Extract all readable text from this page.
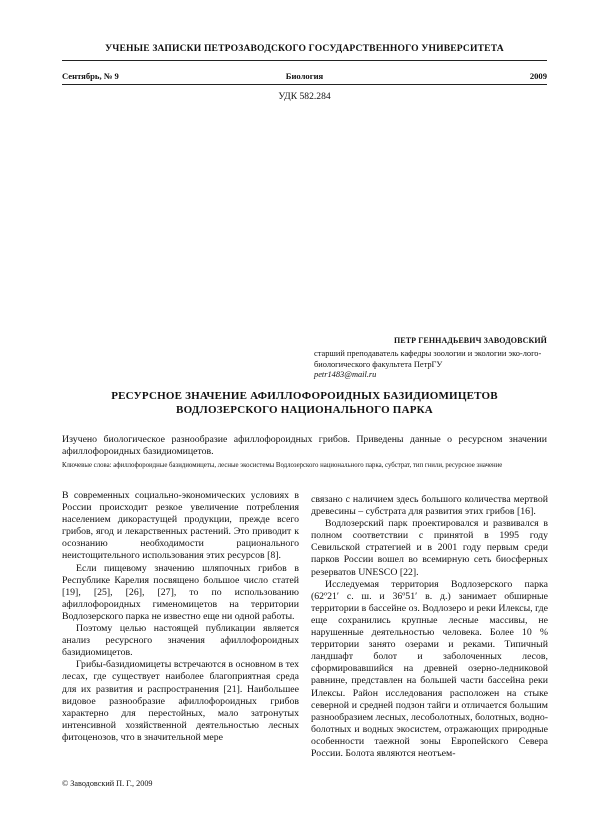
УЧЕНЫЕ ЗАПИСКИ ПЕТРОЗАВОДСКОГО ГОСУДАРСТВЕННОГО УНИВЕРСИТЕТА
Сентябрь, № 9	Биология	2009
УДК 582.284
ПЕТР ГЕННАДЬЕВИЧ ЗАВОДОВСКИЙ
старший преподаватель кафедры зоологии и экологии эко-лого-биологического факультета ПетрГУ
petr1483@mail.ru
РЕСУРСНОЕ ЗНАЧЕНИЕ АФИЛЛОФОРОИДНЫХ БАЗИДИОМИЦЕТОВ
ВОДЛОЗЕРСКОГО НАЦИОНАЛЬНОГО ПАРКА
Изучено биологическое разнообразие афиллофороидных грибов. Приведены данные о ресурсном значении афиллофороидных базидиомицетов.
Ключевые слова: афиллофороидные базидиомицеты, лесные экосистемы Водлозерского национального парка, субстрат, тип гнили, ресурсное значение

В современных социально-экономических условиях в России происходит резкое увеличение потребления населением дикорастущей продукции, прежде всего грибов, ягод и лекарственных растений. Это приводит к осознанию необходимости рационального неистощительного использования этих ресурсов [8].

Если пищевому значению шляпочных грибов в Республике Карелия посвящено большое число статей [19], [25], [26], [27], то по использованию афиллофороидных гименомицетов на территории Водлозерского парка не известно еще ни одной работы.

Поэтому целью настоящей публикации является анализ ресурсного значения афиллофороидных базидиомицетов.

Грибы-базидиомицеты встречаются в основном в тех лесах, где существует наиболее благоприятная среда для их развития и распространения [21]. Наибольшее видовое разнообразие афиллофороидных грибов характерно для перестойных, мало затронутых интенсивной хозяйственной деятельностью лесных фитоценозов, что в значительной мере

связано с наличием здесь большого количества мертвой древесины – субстрата для развития этих грибов [16].

Водлозерский парк проектировался и развивался в полном соответствии с принятой в 1995 году Севильской стратегией и в 2001 году первым среди парков России вошел во всемирную сеть биосферных резерватов UNESCO [22].

Исследуемая территория Водлозерского парка (62º21′ с. ш. и 36º51′ в. д.) занимает обширные территории в бассейне оз. Водлозеро и реки Илексы, где еще сохранились крупные лесные массивы, не нарушенные деятельностью человека. Более 10 % территории занято озерами и реками. Типичный ландшафт болот и заболоченных лесов, сформировавшийся на древней озерно-ледниковой равнине, представлен на большей части бассейна реки Илексы. Район исследования расположен на стыке северной и средней подзон тайги и отличается большим разнообразием лесных, лесоболотных, болотных, водно-болотных и водных экосистем, отражающих природные особенности таежной зоны Европейского Севера России. Болота являются неотъем-

© Заводовский П. Г., 2009
